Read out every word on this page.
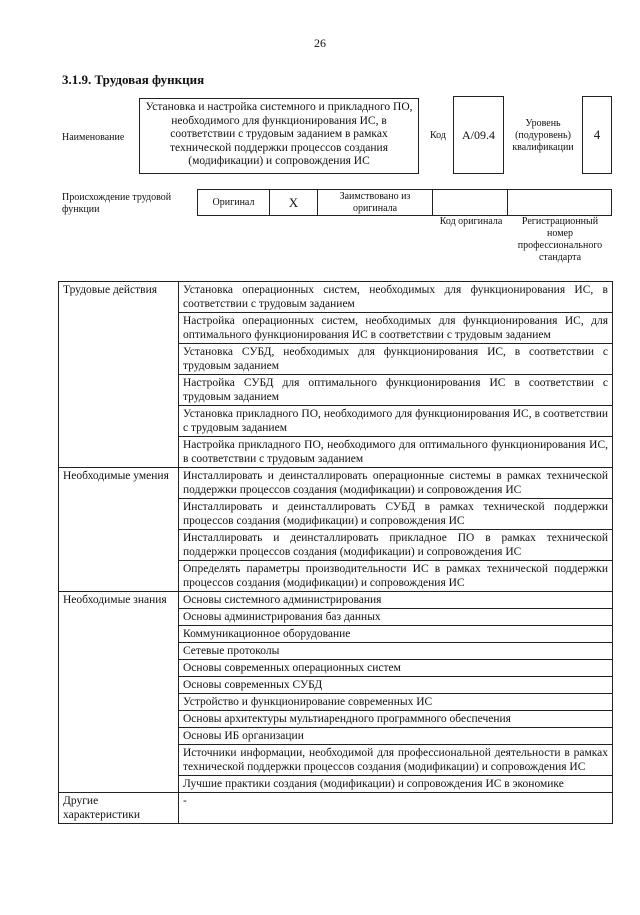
26
3.1.9. Трудовая функция
Наименование
Установка и настройка системного и прикладного ПО, необходимого для функционирования ИС, в соответствии с трудовым заданием в рамках технической поддержки процессов создания (модификации) и сопровождения ИС
Код	А/09.4
Уровень (подуровень) квалификации
4
Происхождение трудовой функции
Оригинал	X	Заимствовано из оригинала
Код оригинала	Регистрационный номер профессионального стандарта
Трудовые действия	Установка операционных систем, необходимых для функционирования ИС, в соответствии с трудовым заданием
	Настройка операционных систем, необходимых для функционирования ИС, для оптимального функционирования ИС в соответствии с трудовым заданием
	Установка СУБД, необходимых для функционирования ИС, в соответствии с трудовым заданием
	Настройка СУБД для оптимального функционирования ИС в соответствии с трудовым заданием
	Установка прикладного ПО, необходимого для функционирования ИС, в соответствии с трудовым заданием
	Настройка прикладного ПО, необходимого для оптимального функционирования ИС, в соответствии с трудовым заданием
Необходимые умения	Инсталлировать и деинсталлировать операционные системы в рамках технической поддержки процессов создания (модификации) и сопровождения ИС
	Инсталлировать и деинсталлировать СУБД в рамках технической поддержки процессов создания (модификации) и сопровождения ИС
	Инсталлировать и деинсталлировать прикладное ПО в рамках технической поддержки процессов создания (модификации) и сопровождения ИС
	Определять параметры производительности ИС в рамках технической поддержки процессов создания (модификации) и сопровождения ИС
Необходимые знания	Основы системного администрирования
	Основы администрирования баз данных
	Коммуникационное оборудование
	Сетевые протоколы
	Основы современных операционных систем
	Основы современных СУБД
	Устройство и функционирование современных ИС
	Основы архитектуры мультиарендного программного обеспечения
	Основы ИБ организации
	Источники информации, необходимой для профессиональной деятельности в рамках технической поддержки процессов создания (модификации) и сопровождения ИС
	Лучшие практики создания (модификации) и сопровождения ИС в экономике
Другие характеристики	-
